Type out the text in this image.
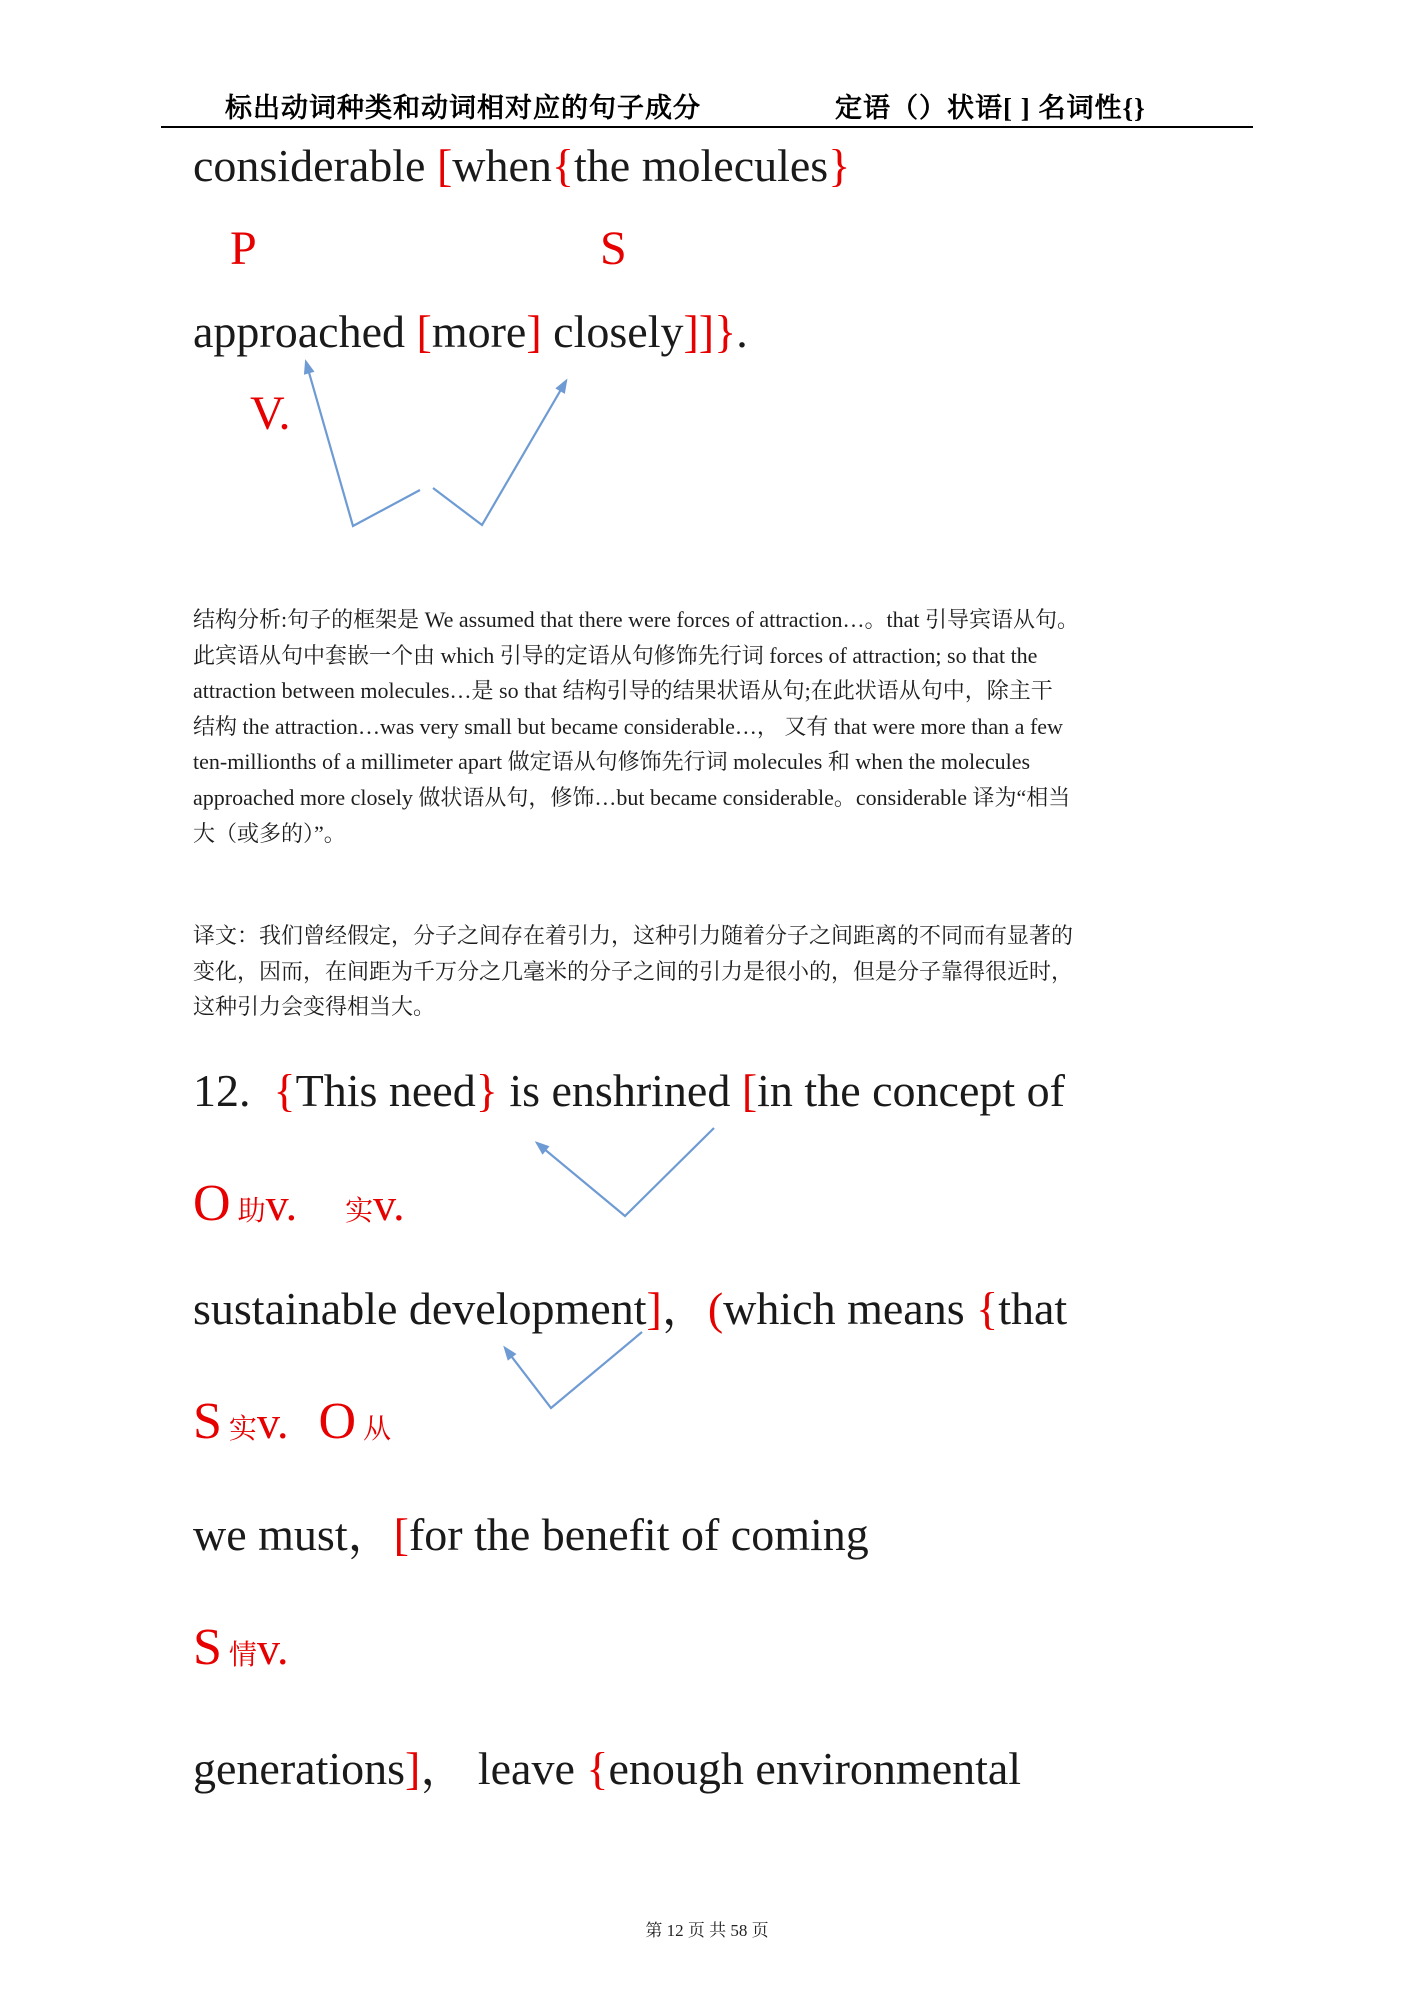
标出动词种类和动词相对应的句子成分	定语（）状语[ ] 名词性{}
considerable [when{the molecules}
P	S
approached [more] closely]]}.
V.
结构分析:句子的框架是 We assumed that there were forces of attraction…。that 引导宾语从句。
此宾语从句中套嵌一个由 which 引导的定语从句修饰先行词 forces of attraction; so that the
attraction between molecules…是 so that 结构引导的结果状语从句;在此状语从句中，除主干
结构 the attraction…was very small but became considerable…， 又有 that were more than a few
ten-millionths of a millimeter apart 做定语从句修饰先行词 molecules 和 when the molecules
approached more closely 做状语从句，修饰…but became considerable。considerable 译为“相当
大（或多的）”。
译文：我们曾经假定，分子之间存在着引力，这种引力随着分子之间距离的不同而有显著的
变化，因而，在间距为千万分之几毫米的分子之间的引力是很小的，但是分子靠得很近时，
这种引力会变得相当大。
12.  {This need} is enshrined [in the concept of
O 助v. 实v.
sustainable development]，(which means {that
S 实v. O 从
we must，[for the benefit of coming
S 情v.
generations]， leave {enough environmental
第 12 页 共 58 页
